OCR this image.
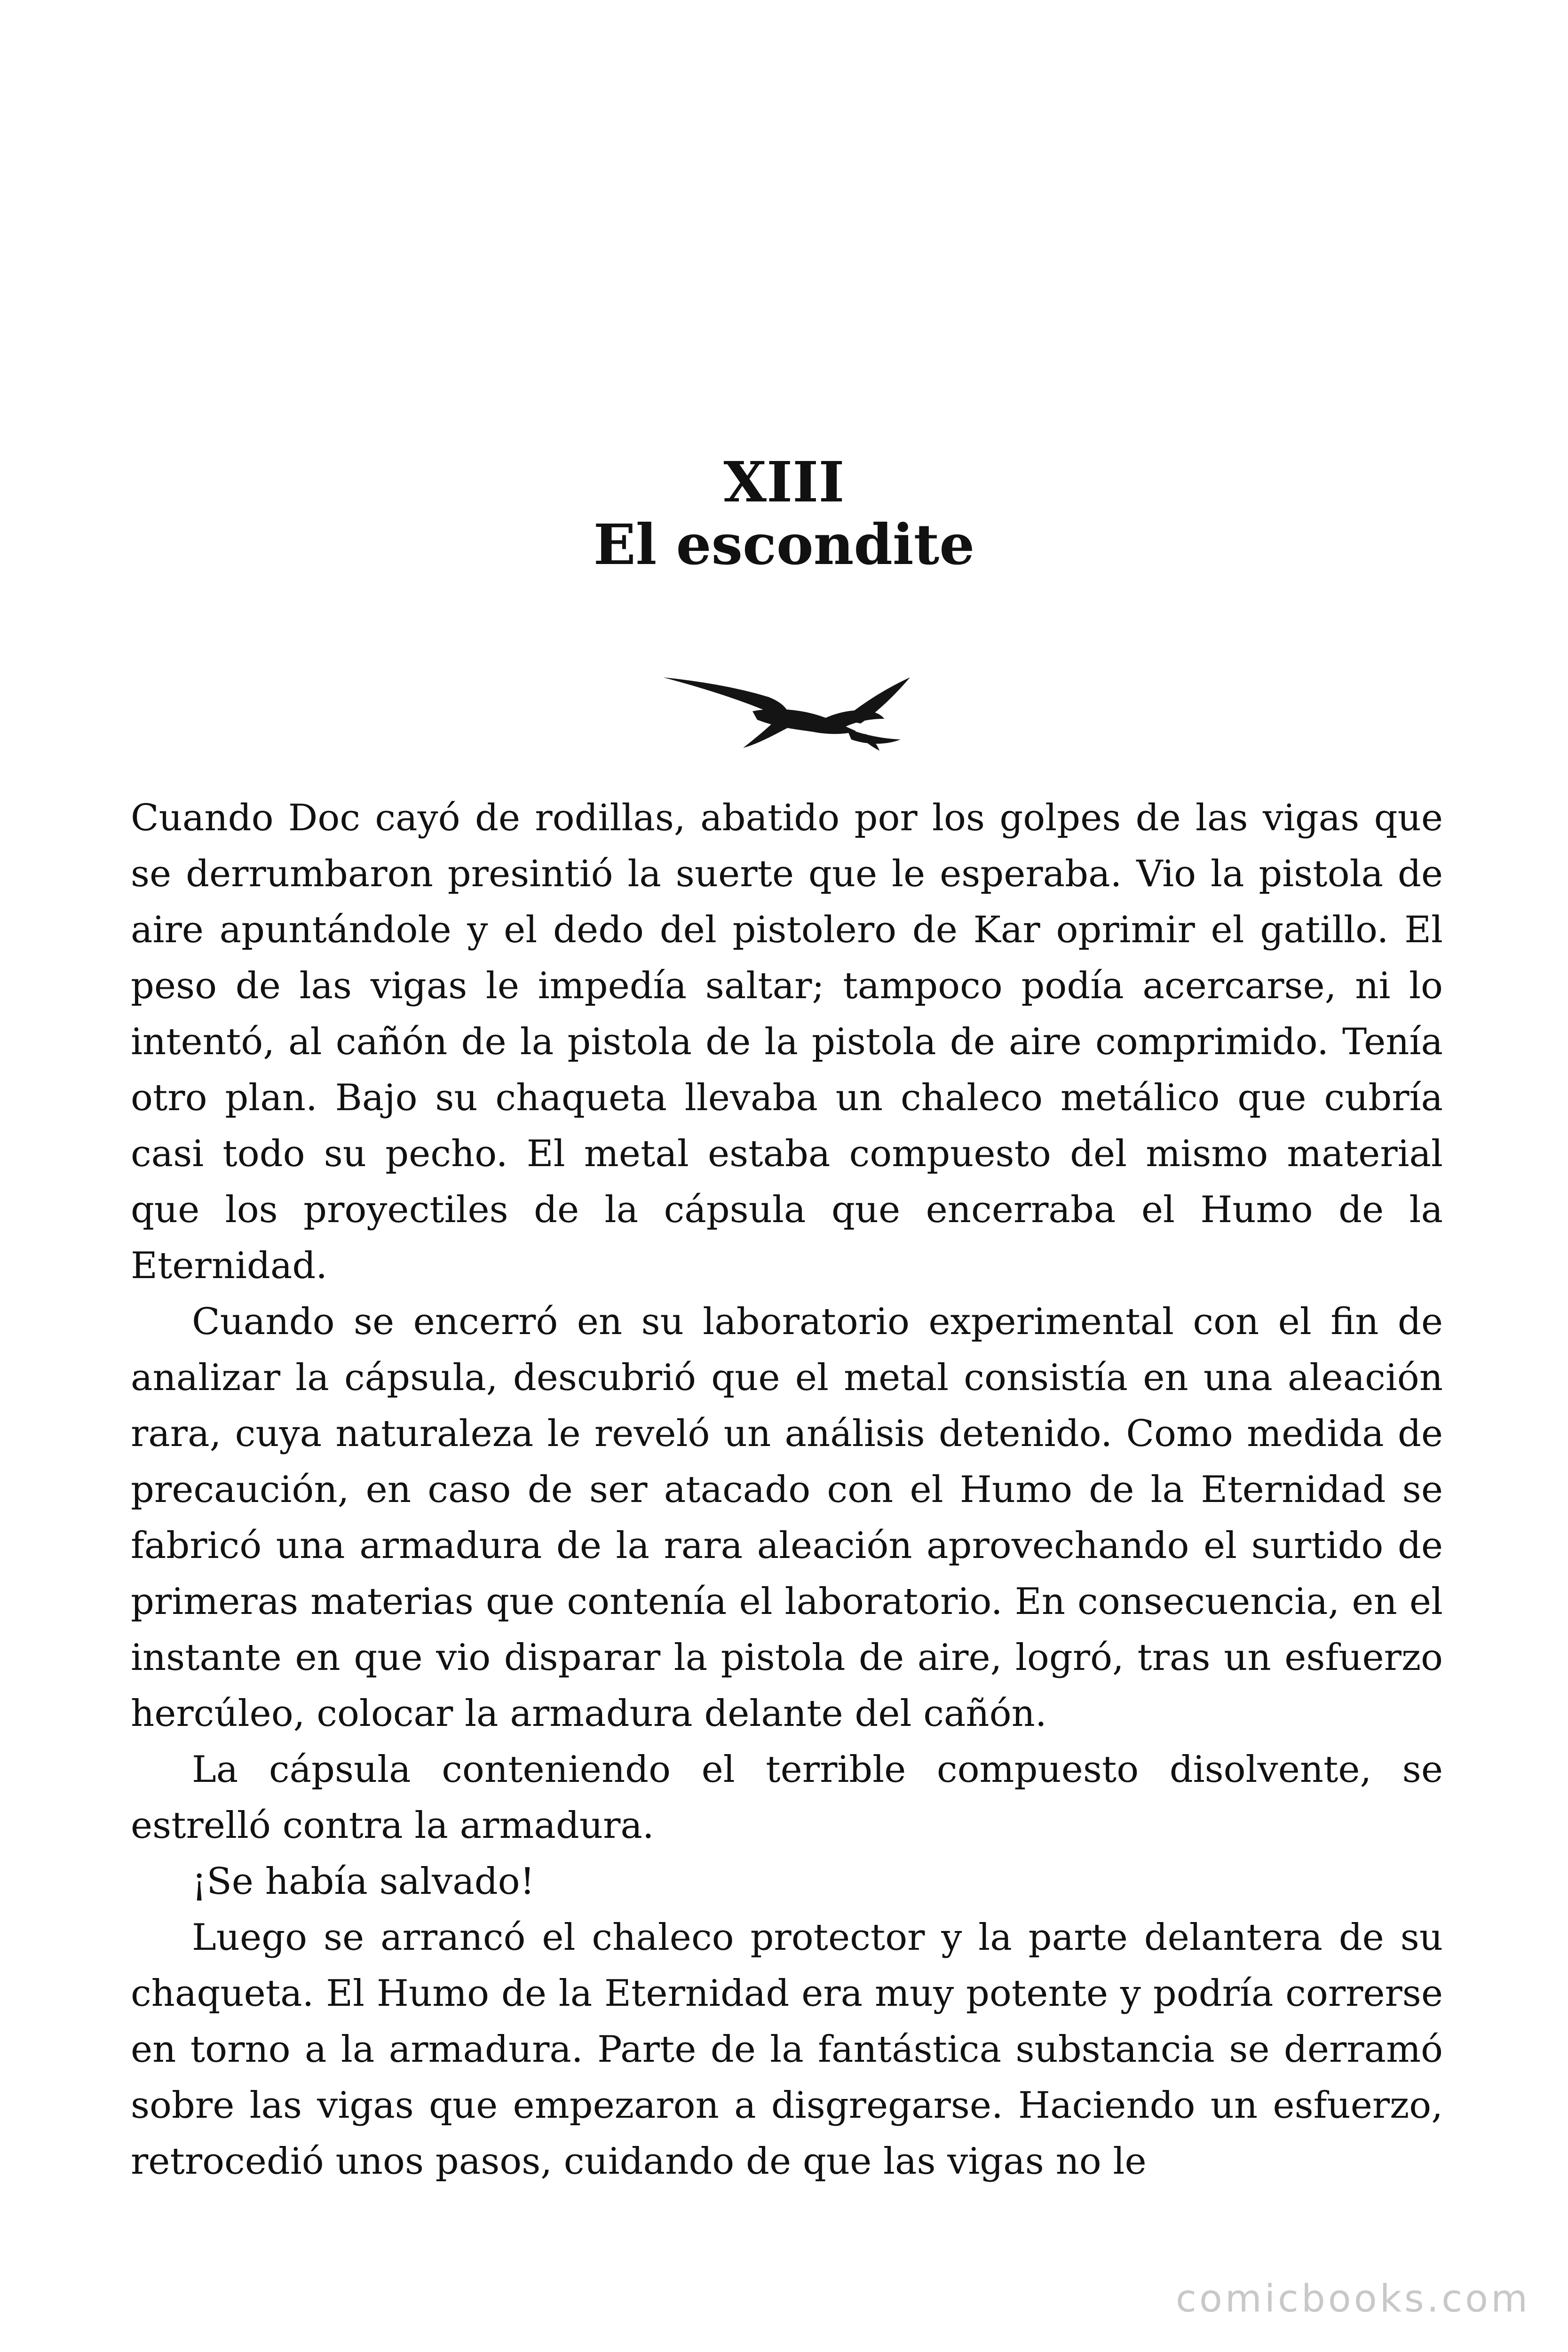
XIII
El escondite

Cuando Doc cayó de rodillas, abatido por los golpes de las vigas que se derrumbaron presintió la suerte que le esperaba. Vio la pistola de aire apuntándole y el dedo del pistolero de Kar oprimir el gatillo. El peso de las vigas le impedía saltar; tampoco podía acercarse, ni lo intentó, al cañón de la pistola de la pistola de aire comprimido. Tenía otro plan. Bajo su chaqueta llevaba un chaleco metálico que cubría casi todo su pecho. El metal estaba compuesto del mismo material que los proyectiles de la cápsula que encerraba el Humo de la Eternidad.

Cuando se encerró en su laboratorio experimental con el fin de analizar la cápsula, descubrió que el metal consistía en una aleación rara, cuya naturaleza le reveló un análisis detenido. Como medida de precaución, en caso de ser atacado con el Humo de la Eternidad se fabricó una armadura de la rara aleación aprovechando el surtido de primeras materias que contenía el laboratorio. En consecuencia, en el instante en que vio disparar la pistola de aire, logró, tras un esfuerzo hercúleo, colocar la armadura delante del cañón.

La cápsula conteniendo el terrible compuesto disolvente, se estrelló contra la armadura.

¡Se había salvado!

Luego se arrancó el chaleco protector y la parte delantera de su chaqueta. El Humo de la Eternidad era muy potente y podría correrse en torno a la armadura. Parte de la fantástica substancia se derramó sobre las vigas que empezaron a disgregarse. Haciendo un esfuerzo, retrocedió unos pasos, cuidando de que las vigas no le

comicbooks.com
